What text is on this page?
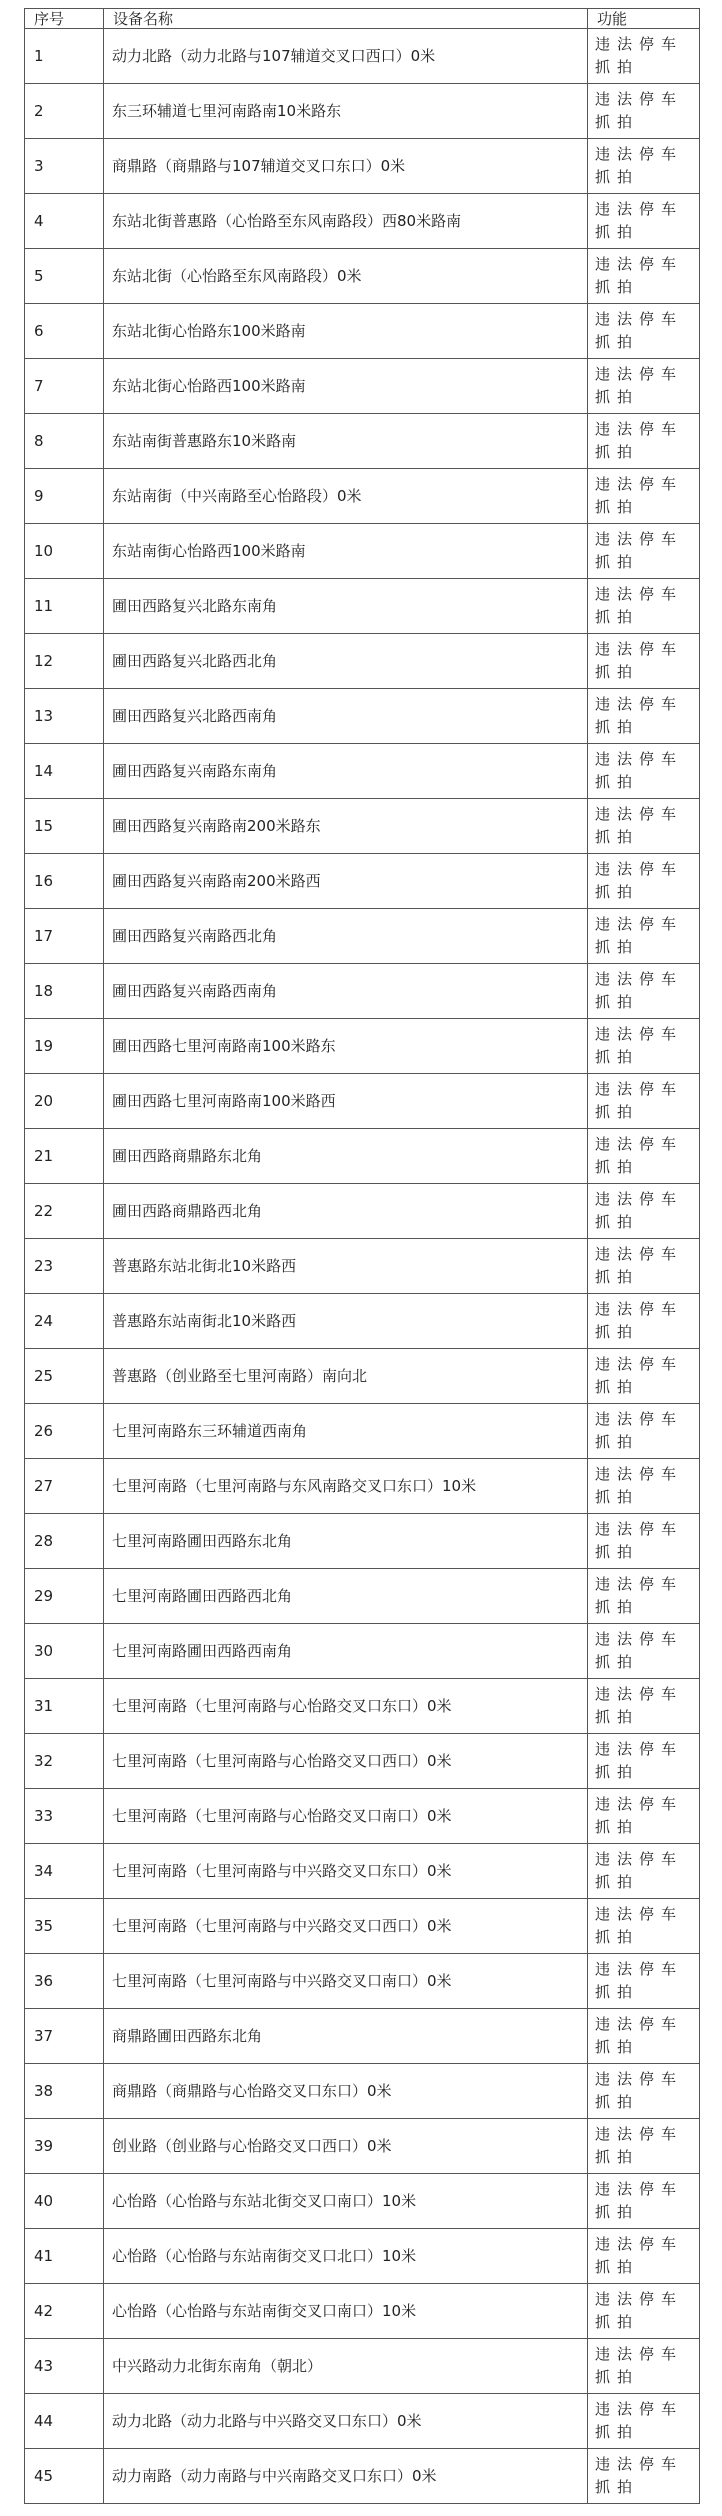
序号	设备名称	功能
1	动力北路（动力北路与107辅道交叉口西口）0米	违法停车抓拍
2	东三环辅道七里河南路南10米路东	违法停车抓拍
3	商鼎路（商鼎路与107辅道交叉口东口）0米	违法停车抓拍
4	东站北街普惠路（心怡路至东风南路段）西80米路南	违法停车抓拍
5	东站北街（心怡路至东风南路段）0米	违法停车抓拍
6	东站北街心怡路东100米路南	违法停车抓拍
7	东站北街心怡路西100米路南	违法停车抓拍
8	东站南街普惠路东10米路南	违法停车抓拍
9	东站南街（中兴南路至心怡路段）0米	违法停车抓拍
10	东站南街心怡路西100米路南	违法停车抓拍
11	圃田西路复兴北路东南角	违法停车抓拍
12	圃田西路复兴北路西北角	违法停车抓拍
13	圃田西路复兴北路西南角	违法停车抓拍
14	圃田西路复兴南路东南角	违法停车抓拍
15	圃田西路复兴南路南200米路东	违法停车抓拍
16	圃田西路复兴南路南200米路西	违法停车抓拍
17	圃田西路复兴南路西北角	违法停车抓拍
18	圃田西路复兴南路西南角	违法停车抓拍
19	圃田西路七里河南路南100米路东	违法停车抓拍
20	圃田西路七里河南路南100米路西	违法停车抓拍
21	圃田西路商鼎路东北角	违法停车抓拍
22	圃田西路商鼎路西北角	违法停车抓拍
23	普惠路东站北街北10米路西	违法停车抓拍
24	普惠路东站南街北10米路西	违法停车抓拍
25	普惠路（创业路至七里河南路）南向北	违法停车抓拍
26	七里河南路东三环辅道西南角	违法停车抓拍
27	七里河南路（七里河南路与东风南路交叉口东口）10米	违法停车抓拍
28	七里河南路圃田西路东北角	违法停车抓拍
29	七里河南路圃田西路西北角	违法停车抓拍
30	七里河南路圃田西路西南角	违法停车抓拍
31	七里河南路（七里河南路与心怡路交叉口东口）0米	违法停车抓拍
32	七里河南路（七里河南路与心怡路交叉口西口）0米	违法停车抓拍
33	七里河南路（七里河南路与心怡路交叉口南口）0米	违法停车抓拍
34	七里河南路（七里河南路与中兴路交叉口东口）0米	违法停车抓拍
35	七里河南路（七里河南路与中兴路交叉口西口）0米	违法停车抓拍
36	七里河南路（七里河南路与中兴路交叉口南口）0米	违法停车抓拍
37	商鼎路圃田西路东北角	违法停车抓拍
38	商鼎路（商鼎路与心怡路交叉口东口）0米	违法停车抓拍
39	创业路（创业路与心怡路交叉口西口）0米	违法停车抓拍
40	心怡路（心怡路与东站北街交叉口南口）10米	违法停车抓拍
41	心怡路（心怡路与东站南街交叉口北口）10米	违法停车抓拍
42	心怡路（心怡路与东站南街交叉口南口）10米	违法停车抓拍
43	中兴路动力北街东南角（朝北）	违法停车抓拍
44	动力北路（动力北路与中兴路交叉口东口）0米	违法停车抓拍
45	动力南路（动力南路与中兴南路交叉口东口）0米	违法停车抓拍
